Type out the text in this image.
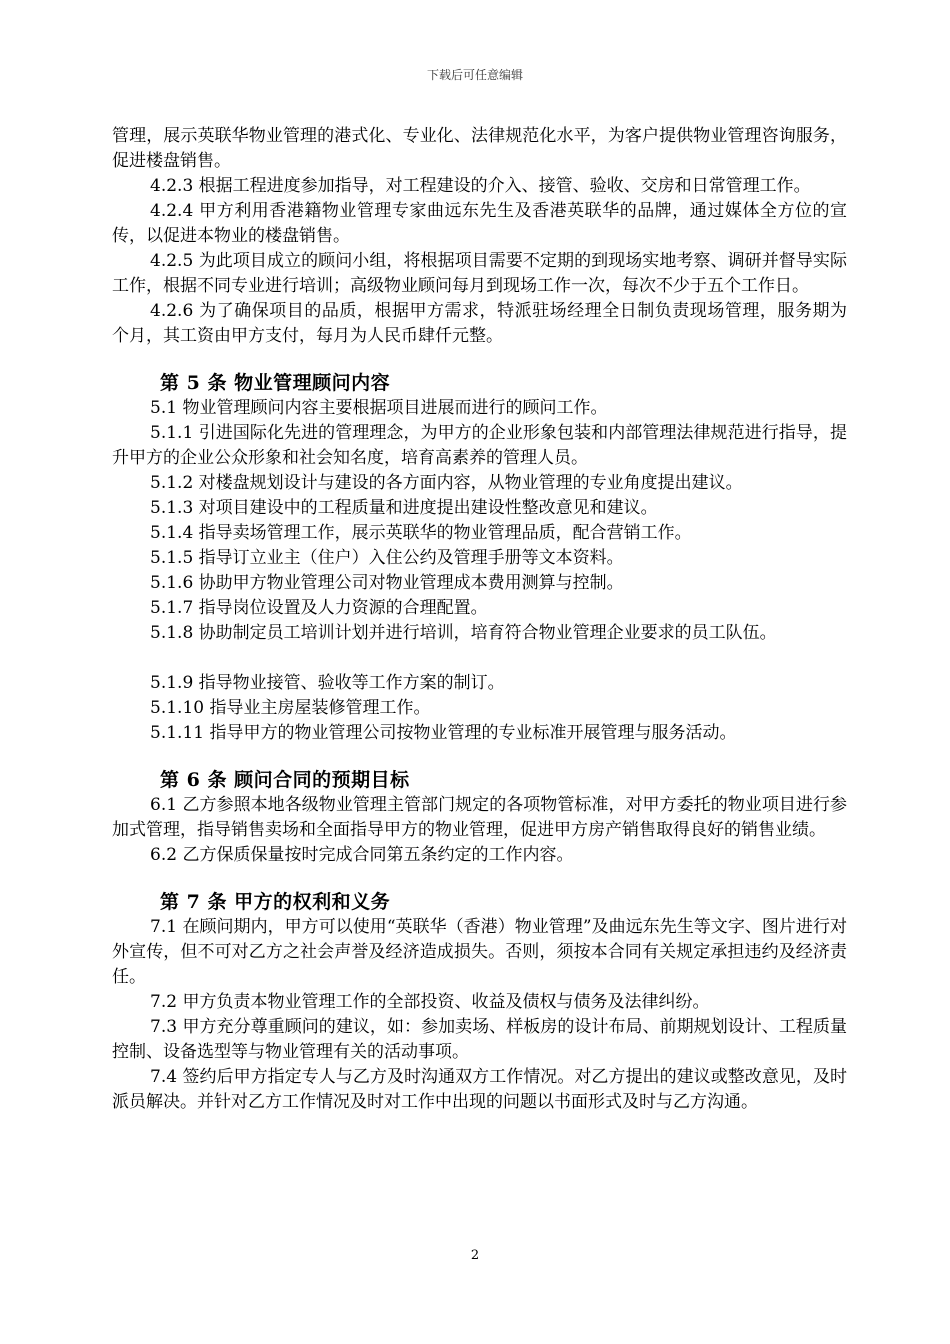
下载后可任意编辑

管理，展示英联华物业管理的港式化、专业化、法律规范化水平，为客户提供物业管理咨询服务，促进楼盘销售。

4.2.3 根据工程进度参加指导，对工程建设的介入、接管、验收、交房和日常管理工作。

4.2.4 甲方利用香港籍物业管理专家曲远东先生及香港英联华的品牌，通过媒体全方位的宣传，以促进本物业的楼盘销售。

4.2.5 为此项目成立的顾问小组，将根据项目需要不定期的到现场实地考察、调研并督导实际工作，根据不同专业进行培训；高级物业顾问每月到现场工作一次，每次不少于五个工作日。

4.2.6 为了确保项目的品质，根据甲方需求，特派驻场经理全日制负责现场管理，服务期为 个月，其工资由甲方支付，每月为人民币肆仟元整。

第 5 条 物业管理顾问内容

5.1 物业管理顾问内容主要根据项目进展而进行的顾问工作。

5.1.1 引进国际化先进的管理理念，为甲方的企业形象包装和内部管理法律规范进行指导，提升甲方的企业公众形象和社会知名度，培育高素养的管理人员。

5.1.2 对楼盘规划设计与建设的各方面内容，从物业管理的专业角度提出建议。

5.1.3 对项目建设中的工程质量和进度提出建设性整改意见和建议。

5.1.4 指导卖场管理工作，展示英联华的物业管理品质，配合营销工作。

5.1.5 指导订立业主（住户）入住公约及管理手册等文本资料。

5.1.6 协助甲方物业管理公司对物业管理成本费用测算与控制。

5.1.7 指导岗位设置及人力资源的合理配置。

5.1.8 协助制定员工培训计划并进行培训，培育符合物业管理企业要求的员工队伍。

5.1.9 指导物业接管、验收等工作方案的制订。

5.1.10 指导业主房屋装修管理工作。

5.1.11 指导甲方的物业管理公司按物业管理的专业标准开展管理与服务活动。

第 6 条 顾问合同的预期目标

6.1 乙方参照本地各级物业管理主管部门规定的各项物管标准，对甲方委托的物业项目进行参加式管理，指导销售卖场和全面指导甲方的物业管理，促进甲方房产销售取得良好的销售业绩。

6.2 乙方保质保量按时完成合同第五条约定的工作内容。

第 7 条 甲方的权利和义务

7.1 在顾问期内，甲方可以使用“英联华（香港）物业管理”及曲远东先生等文字、图片进行对外宣传，但不可对乙方之社会声誉及经济造成损失。否则，须按本合同有关规定承担违约及经济责任。

7.2 甲方负责本物业管理工作的全部投资、收益及债权与债务及法律纠纷。

7.3 甲方充分尊重顾问的建议，如：参加卖场、样板房的设计布局、前期规划设计、工程质量控制、设备选型等与物业管理有关的活动事项。

7.4 签约后甲方指定专人与乙方及时沟通双方工作情况。对乙方提出的建议或整改意见，及时派员解决。并针对乙方工作情况及时对工作中出现的问题以书面形式及时与乙方沟通。

2
